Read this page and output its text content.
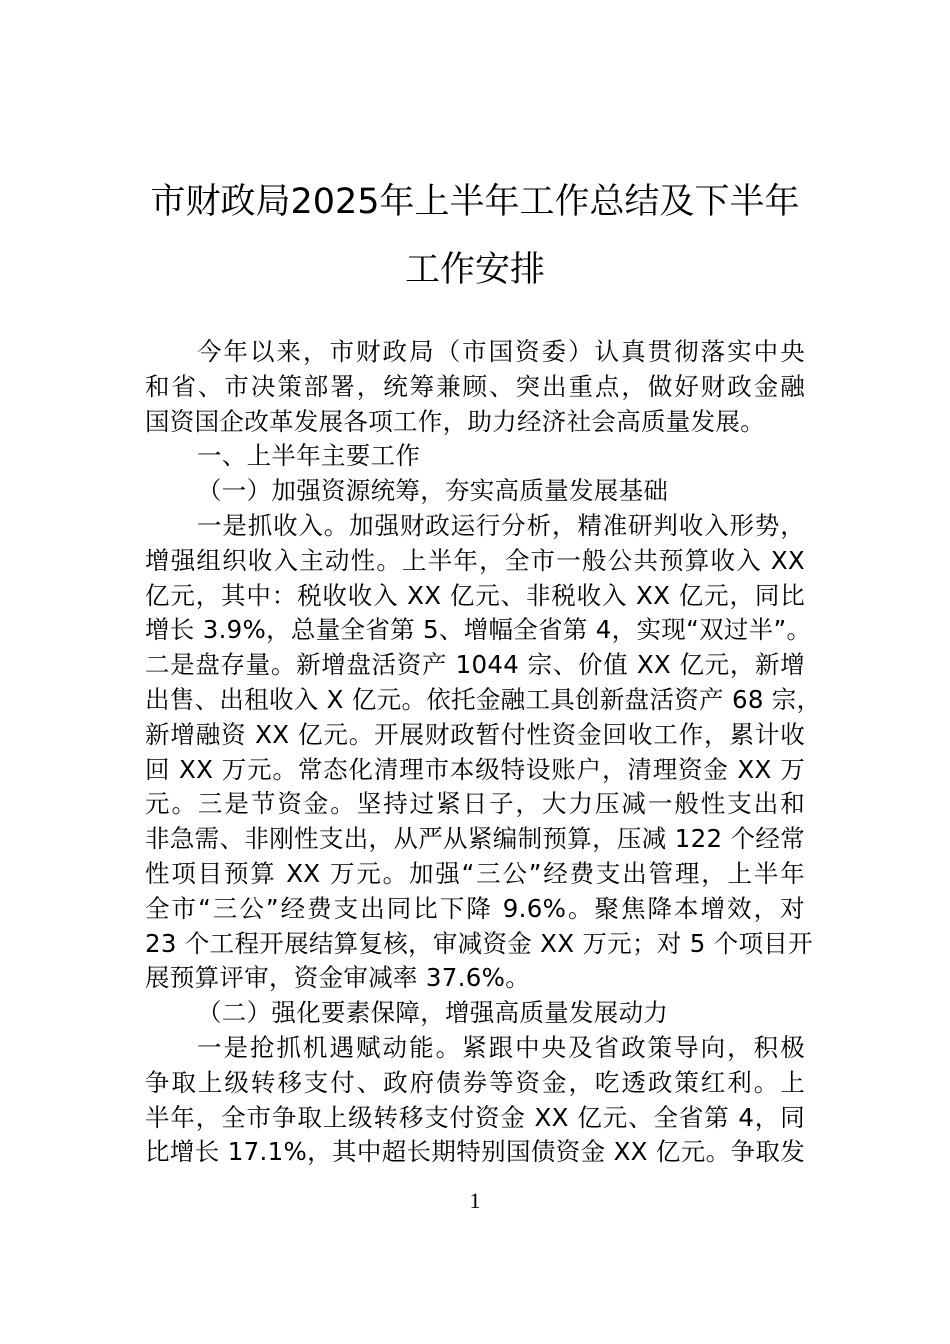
市财政局2025年上半年工作总结及下半年
工作安排
今年以来，市财政局（市国资委）认真贯彻落实中央
和省、市决策部署，统筹兼顾、突出重点，做好财政金融
国资国企改革发展各项工作，助力经济社会高质量发展。
一、上半年主要工作
（一）加强资源统筹，夯实高质量发展基础
一是抓收入。加强财政运行分析，精准研判收入形势，
增强组织收入主动性。上半年，全市一般公共预算收入 XX
亿元，其中：税收收入 XX 亿元、非税收入 XX 亿元，同比
增长 3.9%，总量全省第 5、增幅全省第 4，实现“双过半”。
二是盘存量。新增盘活资产 1044 宗、价值 XX 亿元，新增
出售、出租收入 X 亿元。依托金融工具创新盘活资产 68 宗，
新增融资 XX 亿元。开展财政暂付性资金回收工作，累计收
回 XX 万元。常态化清理市本级特设账户，清理资金 XX 万
元。三是节资金。坚持过紧日子，大力压减一般性支出和
非急需、非刚性支出，从严从紧编制预算，压减 122 个经常
性项目预算 XX 万元。加强“三公”经费支出管理，上半年
全市“三公”经费支出同比下降 9.6%。聚焦降本增效，对
23 个工程开展结算复核，审减资金 XX 万元；对 5 个项目开
展预算评审，资金审减率 37.6%。
（二）强化要素保障，增强高质量发展动力
一是抢抓机遇赋动能。紧跟中央及省政策导向，积极
争取上级转移支付、政府债券等资金，吃透政策红利。上
半年，全市争取上级转移支付资金 XX 亿元、全省第 4，同
比增长 17.1%，其中超长期特别国债资金 XX 亿元。争取发
1
